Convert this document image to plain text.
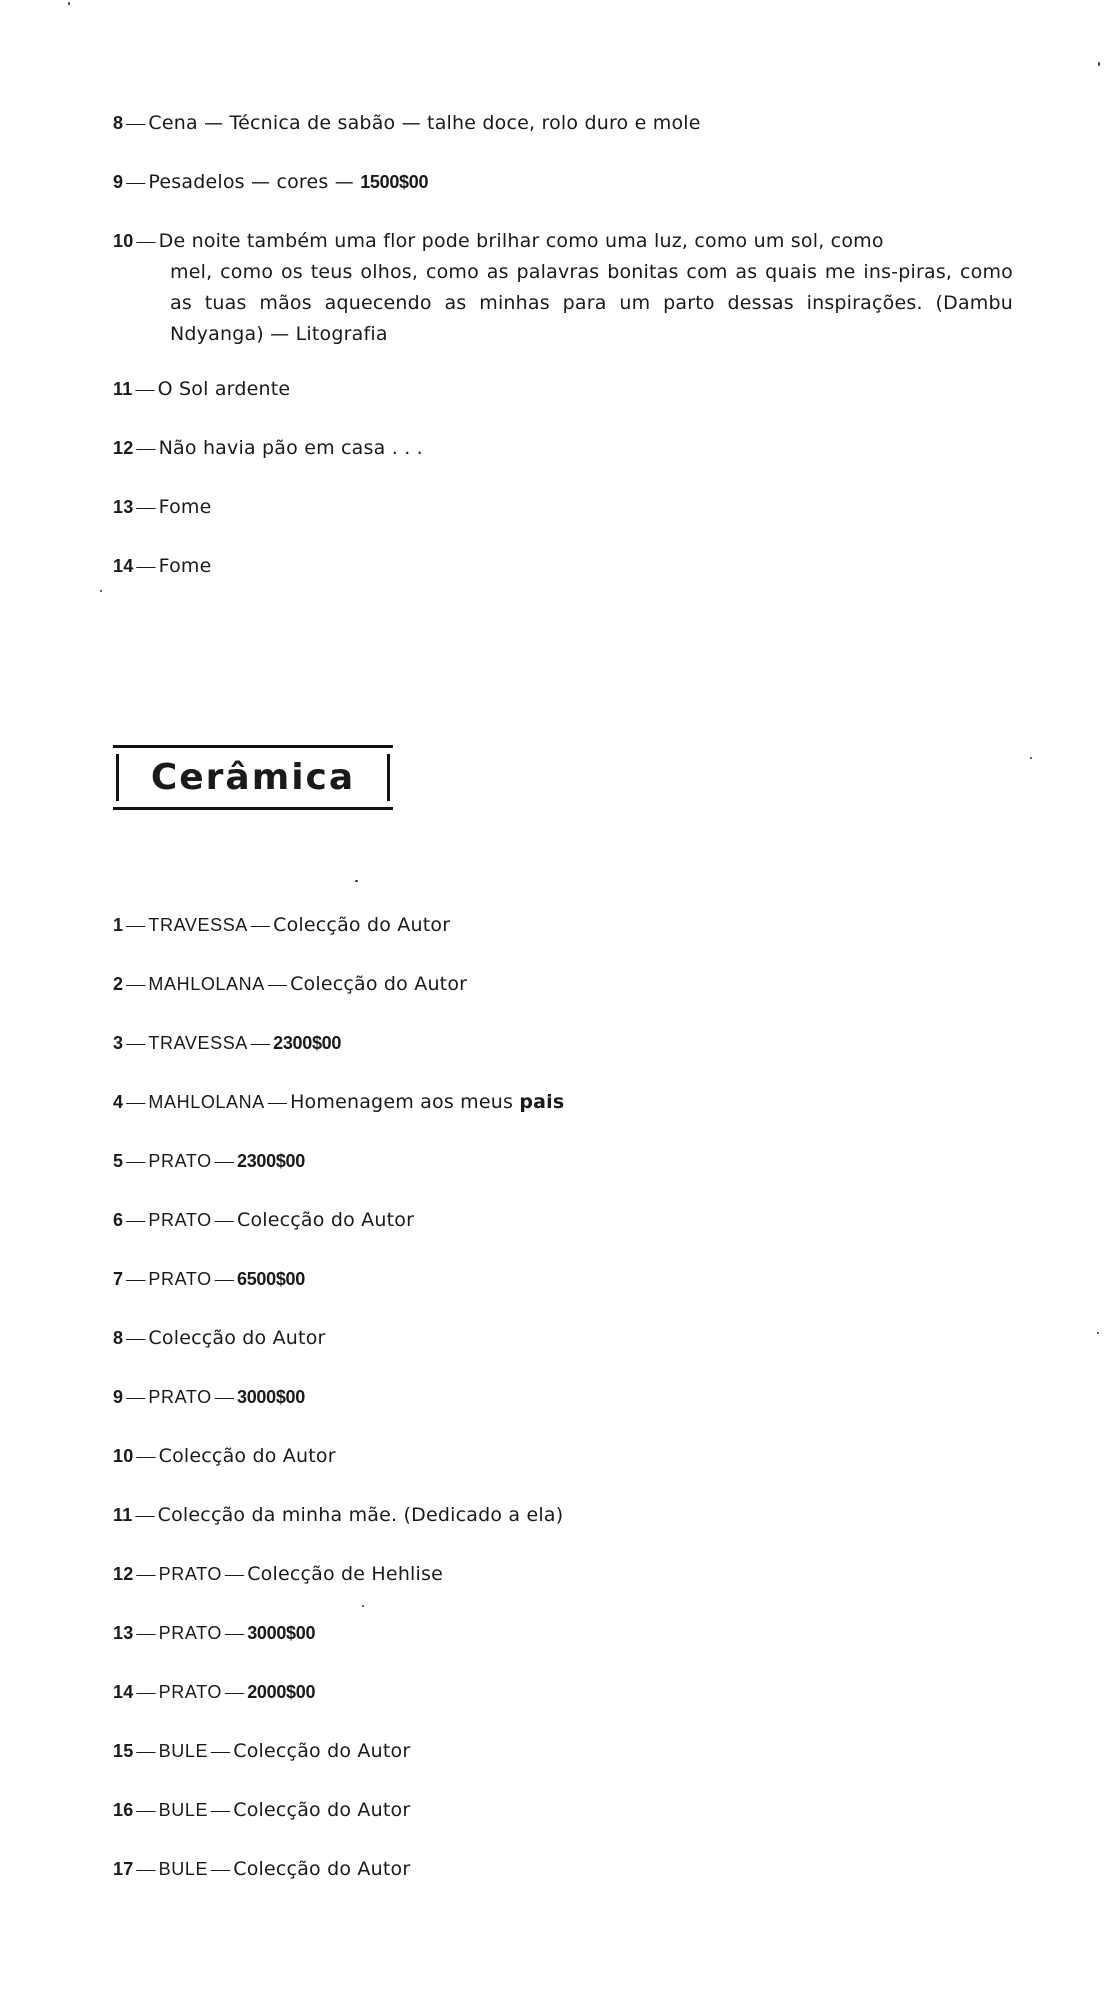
8 — Cena — Técnica de sabão — talhe doce, rolo duro e mole
9 — Pesadelos — cores — 1500$00
10 — De noite também uma flor pode brilhar como uma luz, como um sol, como
mel, como os teus olhos, como as palavras bonitas com as quais me ins-piras, como as tuas mãos aquecendo as minhas para um parto dessas inspirações. (Dambu Ndyanga) — Litografia
11 — O Sol ardente
12 — Não havia pão em casa . . .
13 — Fome
14 — Fome
Cerâmica
1 — TRAVESSA — Colecção do Autor
2 — MAHLOLANA — Colecção do Autor
3 — TRAVESSA — 2300$00
4 — MAHLOLANA — Homenagem aos meus pais
5 — PRATO — 2300$00
6 — PRATO — Colecção do Autor
7 — PRATO — 6500$00
8 — Colecção do Autor
9 — PRATO — 3000$00
10 — Colecção do Autor
11 — Colecção da minha mãe. (Dedicado a ela)
12 — PRATO — Colecção de Hehlise
13 — PRATO — 3000$00
14 — PRATO — 2000$00
15 — BULE — Colecção do Autor
16 — BULE — Colecção do Autor
17 — BULE — Colecção do Autor
